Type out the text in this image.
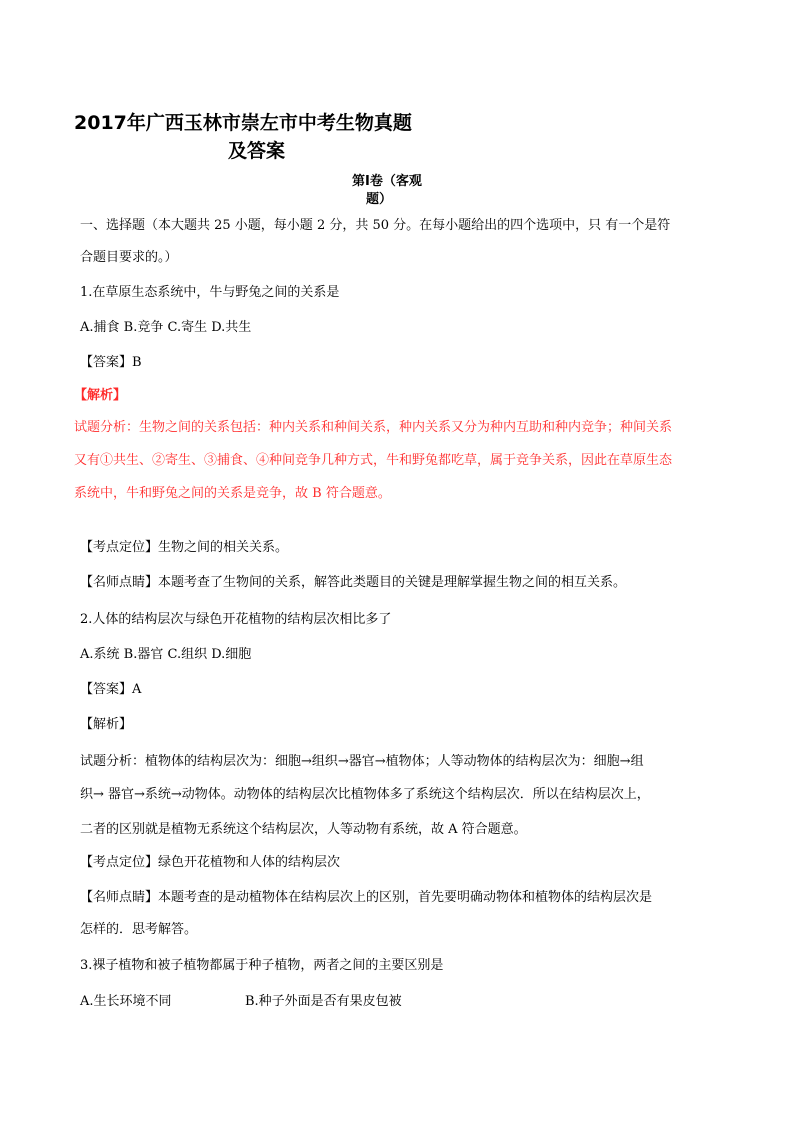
2017年广西玉林市崇左市中考生物真题
及答案
第Ⅰ卷（客观
题）
一、选择题（本大题共 25 小题，每小题 2 分，共 50 分。在每小题给出的四个选项中，只 有一个是符
合题目要求的。）
1.在草原生态系统中，牛与野兔之间的关系是
A.捕食 B.竞争 C.寄生 D.共生
【答案】B
【解析】
试题分析：生物之间的关系包括：种内关系和种间关系，种内关系又分为种内互助和种内竞争；种间关系
又有①共生、②寄生、③捕食、④种间竞争几种方式，牛和野兔都吃草，属于竞争关系，因此在草原生态
系统中，牛和野兔之间的关系是竞争，故 B 符合题意。
【考点定位】生物之间的相关关系。
【名师点睛】本题考查了生物间的关系，解答此类题目的关键是理解掌握生物之间的相互关系。
2.人体的结构层次与绿色开花植物的结构层次相比多了
A.系统 B.器官 C.组织 D.细胞
【答案】A
【解析】
试题分析：植物体的结构层次为：细胞→组织→器官→植物体；人等动物体的结构层次为：细胞→组
织→ 器官→系统→动物体。动物体的结构层次比植物体多了系统这个结构层次．所以在结构层次上，
二者的区别就是植物无系统这个结构层次，人等动物有系统，故 A 符合题意。
【考点定位】绿色开花植物和人体的结构层次
【名师点睛】本题考查的是动植物体在结构层次上的区别，首先要明确动物体和植物体的结构层次是
怎样的．思考解答。
3.裸子植物和被子植物都属于种子植物，两者之间的主要区别是
A.生长环境不同	B.种子外面是否有果皮包被
